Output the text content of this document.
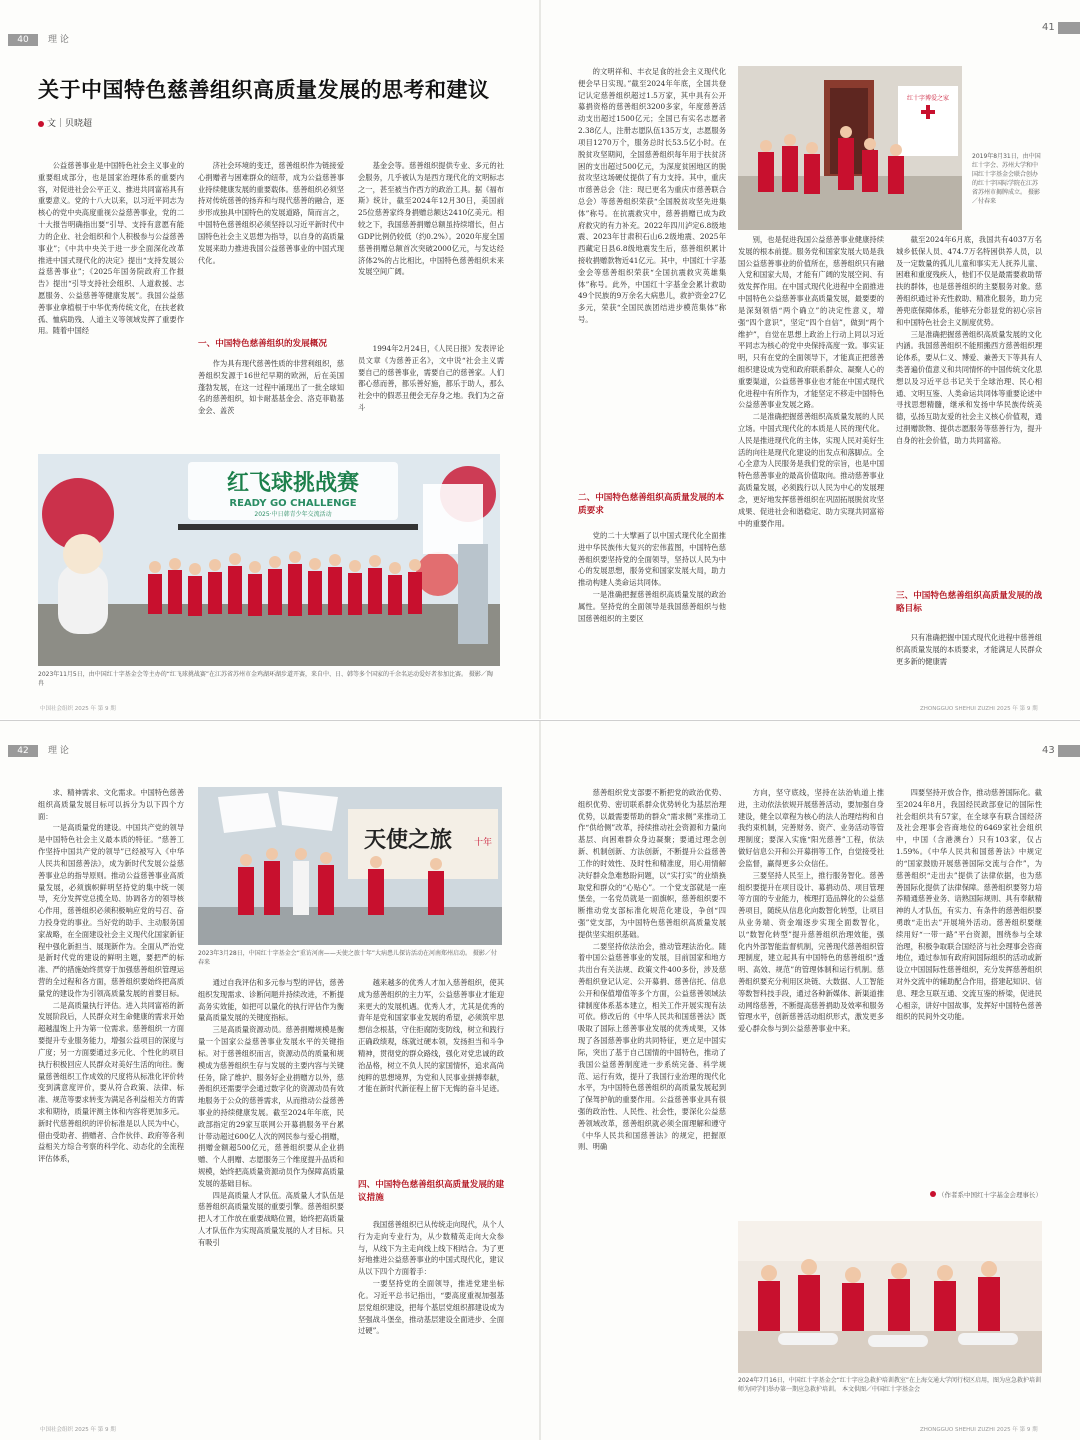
40	理 论
41
关于中国特色慈善组织高质量发展的思考和建议
文｜贝晓超

公益慈善事业是中国特色社会主义事业的重要组成部分，也是国家治理体系的重要内容，对促进社会公平正义、推进共同富裕具有重要意义。党的十八大以来，以习近平同志为核心的党中央高度重视公益慈善事业，党的二十大报告明确指出要“引导、支持有意愿有能力的企业、社会组织和个人积极参与公益慈善事业”；《中共中央关于进一步全面深化改革 推进中国式现代化的决定》提出“支持发展公益慈善事业”；《2025年国务院政府工作报告》提出“引导支持社会组织、人道救援、志愿服务、公益慈善等健康发展”。我国公益慈善事业拿植根于中华优秀传统文化，在扶老救孤、恤病助残、人道主义等领域发挥了重要作用。随着中国经

济社会环境的变迁，慈善组织作为链接爱心捐赠者与困难群众的纽带，成为公益慈善事业持续健康发展的重要载体。慈善组织必须坚持对传统慈善的扬弃和与现代慈善的融合，逐步形成独具中国特色的发展道路，简而言之，中国特色慈善组织必须坚持以习近平新时代中国特色社会主义思想为指导，以自身的高质量发展来助力推进我国公益慈善事业的中国式现代化。

一、中国特色慈善组织的发展概况

作为具有现代慈善性质的非营利组织，慈善组织发源于16世纪早期的欧洲，后在美国蓬勃发展，在这一过程中涌现出了一批全球知名的慈善组织，如卡耐基基金会、洛克菲勒基金会、盖茨

基金会等。慈善组织提供专业、多元的社会服务，几乎被认为是西方现代化的文明标志之一，甚至被当作西方的政治工具。据《福布斯》统计，截至2024年12月30日，美国前25位慈善家终身捐赠总额达2410亿美元。相较之下，我国慈善捐赠总额虽持续增长，但占GDP比例仍较低（约0.2%）。2020年度全国慈善捐赠总额首次突破2000亿元，与发达经济体2%的占比相比，中国特色慈善组织未来发展空间广阔。

1994年2月24日，《人民日报》发表评论员文章《为慈善正名》，文中说“社会主义需要自己的慈善事业，需要自己的慈善家。人们都心慈而善，都乐善好施，都乐于助人，那么社会中的假恶丑便会无存身之地。我们为之奋斗

红飞球挑战赛
READY GO CHALLENGE
2025·中日韩青少年交流活动
2023年11月5日，由中国红十字基金会等主办的“红飞球挑战赛”在江苏省苏州市金鸡湖环湖步道开赛，来自中、日、韩等多个国家的千余名运动爱好者参加比赛。 摄影／陶 冉

的文明祥和、丰衣足食的社会主义现代化便会早日实现。”截至2024年年底，全国共登记认定慈善组织超过1.5万家，其中具有公开募捐资格的慈善组织3200多家，年度慈善活动支出超过1500亿元；全国已有实名志愿者2.38亿人，注册志愿队伍135万支，志愿服务项目1270万个，服务总时长53.5亿小时。在脱贫攻坚期间，全国慈善组织每年用于扶贫济困的支出超过500亿元，为深度贫困地区的脱贫攻坚这场硬仗提供了有力支持。其中，重庆市慈善总会（注：现已更名为重庆市慈善联合总会）等慈善组织荣获“全国脱贫攻坚先进集体”称号。在抗震救灾中，慈善捐赠已成为政府救灾的有力补充。2022年四川泸定6.8级地震、2023年甘肃积石山6.2级地震、2025年西藏定日县6.8级地震发生后，慈善组织累计接收捐赠款物近41亿元。其中，中国红十字基金会等慈善组织荣获“全国抗震救灾英雄集体”称号。此外，中国红十字基金会累计救助49个民族的9万余名大病患儿，救护资金27亿多元，荣获“全国民族团结进步模范集体”称号。

二、中国特色慈善组织高质量发展的本质要求

党的二十大擘画了以中国式现代化全面推进中华民族伟大复兴的宏伟蓝图，中国特色慈善组织要坚持党的全面领导，坚持以人民为中心的发展思想，服务党和国家发展大局，助力推动构建人类命运共同体。

一是准确把握慈善组织高质量发展的政治属性。坚持党的全面领导是我国慈善组织与他国慈善组织的主要区

红十字博爱之家
2019年8月31日，由中国红十字会、苏州大学和中国红十字基金会联合创办的红十字国际学院在江苏省苏州市揭牌成立。 摄影／付春来

别，也是促进我国公益慈善事业健康持续发展的根本前提。服务党和国家发展大局是我国公益慈善事业的价值所在，慈善组织只有融入党和国家大局，才能有广阔的发展空间、有效发挥作用。在中国式现代化进程中全面推进中国特色公益慈善事业高质量发展，最要要的是深刻领悟“两个确立”的决定性意义，增强“四个意识”，坚定“四个自信”，做到“两个维护”，自觉在思想上政治上行动上同以习近平同志为核心的党中央保持高度一致。事实证明，只有在党的全面领导下，才能真正把慈善组织建设成为党和政府联系群众、凝聚人心的重要渠道，公益慈善事业也才能在中国式现代化进程中有所作为，才能坚定不移走中国特色公益慈善事业发展之路。

二是准确把握慈善组织高质量发展的人民立场。中国式现代化的本质是人民的现代化。人民是推进现代化的主体，实现人民对美好生活的向往是现代化建设的出发点和落脚点。全心全意为人民服务是我们党的宗旨，也是中国特色慈善事业的最高价值取向。推动慈善事业高质量发展，必须践行以人民为中心的发展理念，更好地发挥慈善组织在巩固拓展脱贫攻坚成果、促进社会和谐稳定、助力实现共同富裕中的重要作用。

截至2024年6月底，我国共有4037万名城乡低保人员、474.7万名特困供养人员，以及一定数量的孤儿儿童和事实无人抚养儿童、困难和重度残疾人，他们不仅是最需要救助帮扶的群体，也是慈善组织的主要服务对象。慈善组织通过补充性救助、精准化服务，助力完善兜底保障体系，能够充分彰显党的初心宗旨和中国特色社会主义制度优势。

三是准确把握慈善组织高质量发展的文化内涵。我国慈善组织不能照搬西方慈善组织理论体系，要从仁义、博爱、兼善天下等具有人类普遍价值意义和共同情怀的中国传统文化思想以及习近平总书记关于全球治理、民心相通、文明互鉴、人类命运共同体等重要论述中寻找思想精髓，继承和发扬中华民族传统美德，弘扬互助友爱的社会主义核心价值观，通过捐赠款物、提供志愿服务等慈善行为，提升自身的社会价值，助力共同富裕。

三、中国特色慈善组织高质量发展的战略目标

只有准确把握中国式现代化进程中慈善组织高质量发展的本质要求，才能满足人民群众更多新的健康需

中国社会组织 2025 年 第 9 期	ZHONGGUO SHEHUI ZUZHI 2025 年 第 9 期
42	理 论	43

求、精神需求、文化需求。中国特色慈善组织高质量发展目标可以拆分为以下四个方面：

一是高质量党的建设。中国共产党的领导是中国特色社会主义最本质的特征。“慈善工作坚持中国共产党的领导”已经被写入《中华人民共和国慈善法》，成为新时代发展公益慈善事业总的指导原则。推动公益慈善事业高质量发展，必须旗帜鲜明坚持党的集中统一领导，充分发挥党总揽全局、协调各方的领导核心作用，慈善组织必须积极响应党的号召、奋力投身党的事业。当好党的助手、主动服务国家战略，在全面建设社会主义现代化国家新征程中强化新担当、展现新作为。全面从严治党是新时代党的建设的鲜明主题，要把严的标准、严的措施始终贯穿于加强慈善组织管理运营的全过程和各方面，慈善组织要始终把高质量党的建设作为引领高质量发展的首要目标。

二是高质量执行评估。进入共同富裕的新发展阶段后，人民群众对生命健康的需求开始超越温饱上升为第一位需求。慈善组织一方面要提升专业服务能力，增强公益项目的深度与广度；另一方面要通过多元化、个性化的项目执行积极回应人民群众对美好生活的向往。衡量慈善组织工作成效的尺度将从标准化评价转变到满意度评价，要从符合政策、法律、标准、规范等要求转变为满足各利益相关方的需求和期待，质量评测主体和内容将更加多元。新时代慈善组织的评价标准是以人民为中心，借由受助者、捐赠者、合作伙伴、政府等各利益相关方综合考察的科学化、动态化的全流程评估体系，

天使之旅 十年
2023年3月28日，中国红十字基金会“重访河南——天使之旅十年”大病患儿探访活动在河南郑州启动。 摄影／付春来

通过自我评估和多元参与型的评估，慈善组织发现需求、诊断问题并持续改进，不断提高务实效能，如把可以量化的执行评估作为衡量高质量发展的关键度指标。

三是高质量资源动员。慈善捐赠规模是衡量一个国家公益慈善事业发展水平的关键指标。对于慈善组织而言，资源动员的质量和规模成为慈善组织生存与发展的主要内容与关键任务，除了维护、服务好企业捐赠方以外，慈善组织还需要学会通过数字化的资源动员有效地服务于公众的慈善需求，从而推动公益慈善事业的持续健康发展。截至2024年年底，民政部指定的29家互联网公开募捐服务平台累计带动超过600亿人次的网民参与爱心捐赠，捐赠金额超500亿元，慈善组织要从企业捐赠、个人捐赠、志愿服务三个维度提升品质和规模，始终把高质量资源动员作为保障高质量发展的基础目标。

四是高质量人才队伍。高质量人才队伍是慈善组织高质量发展的重要引擎。慈善组织要把人才工作放在重要战略位置，始终把高质量人才队伍作为实现高质量发展的人才目标。只有吸引

越来越多的优秀人才加入慈善组织，使其成为慈善组织的主力军，公益慈善事业才能迎来更大的发展机遇。优秀人才，尤其是优秀的青年是党和国家事业发展的希望，必须筑牢思想信念根基，守住拒腐防变防线，树立和践行正确政绩观，练就过硬本领，发扬担当和斗争精神，贯彻党的群众路线，强化对党忠诚的政治品格，树立不负人民的家国情怀，追求高尚纯粹的思想境界，为党和人民事业拼搏奉献，才能在新时代新征程上留下无悔的奋斗足迹。

四、中国特色慈善组织高质量发展的建议措施

我国慈善组织已从传统走向现代，从个人行为走向专业行为，从少数精英走向大众参与，从线下为主走向线上线下相结合。为了更好地推进公益慈善事业的中国式现代化，建议从以下四个方面着手：

一要坚持党的全面领导，推进党建坐标化。习近平总书记指出，“要高度重视加强基层党组织建设，把每个基层党组织都建设成为坚强战斗堡垒，推动基层建设全面进步、全面过硬”。

慈善组织党支部要不断把党的政治优势、组织优势、密切联系群众优势转化为基层治理优势，以最需要帮助的群众“需求侧”来推动工作“供给侧”改革，持续推动社会资源和力量向基层、向困难群众身边凝聚；要通过理念创新、机制创新、方法创新，不断提升公益慈善工作的时效性、及时性和精准度，用心用情解决好群众急难愁盼问题，以“实打实”的业绩换取党和群众的“心贴心”。一个党支部就是一座堡垒，一名党员就是一面旗帜，慈善组织要不断推动党支部标准化规范化建设，争创“四强”党支部，为中国特色慈善组织高质量发展提供坚实组织基础。

二要坚持依法治会，推动管理法治化。随着中国公益慈善事业的发展，目前国家和地方共出台有关法规、政策文件400多份，涉及慈善组织登记认定、公开募捐、慈善信托、信息公开和保值增值等多个方面，公益慈善领域法律制度体系基本建立，相关工作开展实现有法可依。修改后的《中华人民共和国慈善法》既吸取了国际上慈善事业发展的优秀成果，又体现了各国慈善事业的共同特征，更立足中国实际，突出了基于自己国情的中国特色，推动了我国公益慈善制度进一步系统完备、科学规范、运行有效，提升了我国行业治理的现代化水平，为中国特色慈善组织的高质量发展起到了保驾护航的重要作用。公益慈善事业具有很强的政治性、人民性、社会性，要深化公益慈善领域改革，慈善组织就必须全面理解和遵守《中华人民共和国慈善法》的规定，把握原则、明确

方向，坚守底线，坚持在法治轨道上推进，主动依法依规开展慈善活动，要加强自身建设，健全以章程为核心的法人治理结构和自我约束机制，完善财务、资产、业务活动等管理制度；要深入实施“阳光慈善”工程，依法做好信息公开和公开募捐等工作，自觉接受社会监督，赢得更多公众信任。

三要坚持人民至上，推行服务智化。慈善组织要提升在项目设计、募捐动员、项目管理等方面的专业能力，梳理打造品牌化的公益慈善项目，随统从信息化向数智化转型，让项目从业务端、资金端逐步实现全面数智化，以“数智化转型”提升慈善组织治理效能，强化内外部智能监督机制，完善现代慈善组织管理制度，建立起具有中国特色的慈善组织“透明、高效、规范”的管理体制和运行机制。慈善组织要充分利用区块链、大数据、人工智能等数智科技手段，通过各种新媒体、新渠道推动网络慈善，不断提高慈善捐助及效率和服务管理水平，创新慈善活动组织形式，激发更多爱心群众参与到公益慈善事业中来。

四要坚持开放合作，推动慈善国际化。截至2024年8月，我国经民政部登记的国际性社会组织共有57家，在全球享有联合国经济及社会理事会咨商地位的6469家社会组织中，中国（含港澳台）只有103家，仅占1.59%。《中华人民共和国慈善法》中规定的“国家鼓励开展慈善国际交流与合作”，为慈善组织“走出去”提供了法律依据，也为慈善国际化提供了法律保障。慈善组织要努力培养精通慈善业务、谙熟国际规则、具有奉献精神的人才队伍，有实力、有条件的慈善组织要勇敢“走出去”开展境外活动。慈善组织要继续用好“一带一路”平台资源，围绕参与全球治理，积极争取联合国经济与社会理事会咨商地位，通过参加有政府间国际组织的活动或新设立中国国际性慈善组织，充分发挥慈善组织对外交流中的辅助配合作用，搭建起知识、信息、理念互联互通、交流互鉴的桥梁，促进民心相亲，讲好中国故事，发挥好中国特色慈善组织的民间外交功能。

（作者系中国红十字基金会理事长）
2024年7月16日，中国红十字基金会“红十字应急救护培训教室”在上海交通大学闵行校区启用，图为应急救护培训师为同学们举办第一期应急救护培训。 本文供图／中国红十字基金会
中国社会组织 2025 年 第 9 期	ZHONGGUO SHEHUI ZUZHI 2025 年 第 9 期
